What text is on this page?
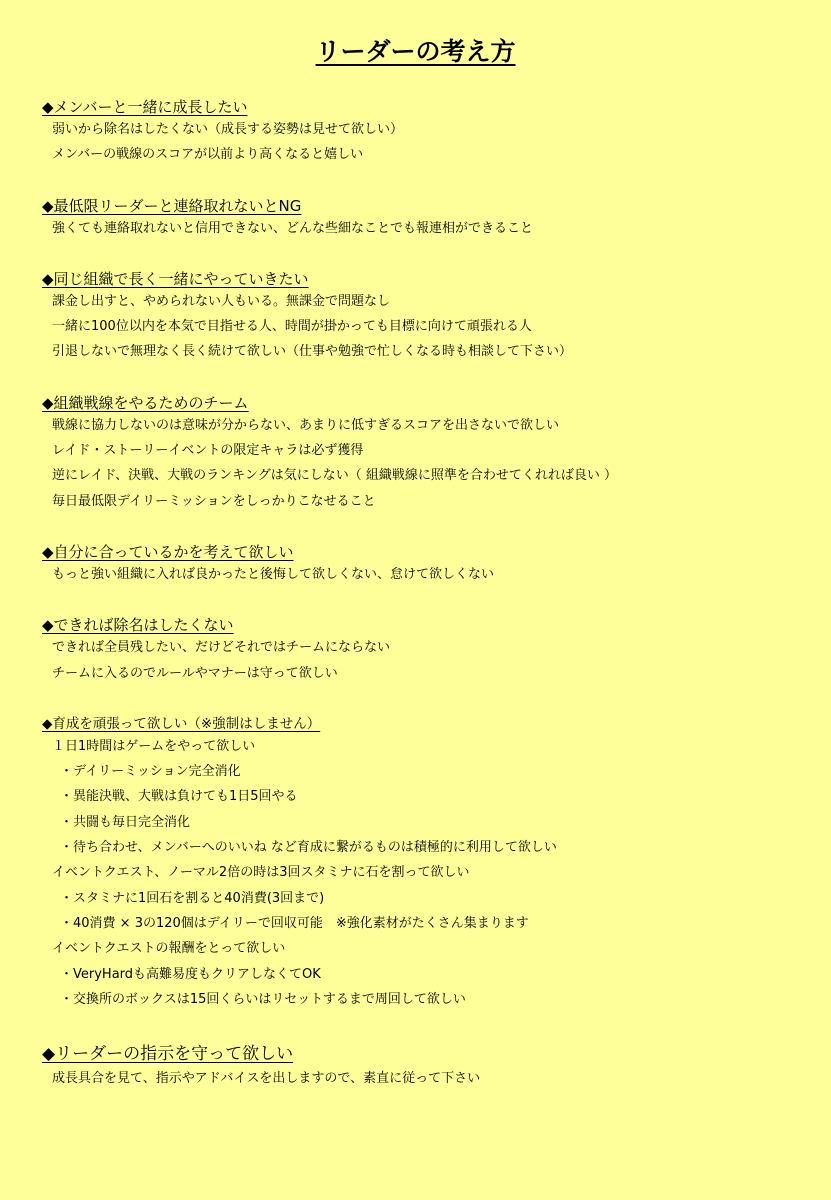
リーダーの考え方

◆メンバーと一緒に成長したい

弱いから除名はしたくない（成長する姿勢は見せて欲しい）

メンバーの戦線のスコアが以前より高くなると嬉しい

◆最低限リーダーと連絡取れないとNG

強くても連絡取れないと信用できない、どんな些細なことでも報連相ができること

◆同じ組織で長く一緒にやっていきたい

課金し出すと、やめられない人もいる。無課金で問題なし

一緒に100位以内を本気で目指せる人、時間が掛かっても目標に向けて頑張れる人

引退しないで無理なく長く続けて欲しい（仕事や勉強で忙しくなる時も相談して下さい）

◆組織戦線をやるためのチーム

戦線に協力しないのは意味が分からない、あまりに低すぎるスコアを出さないで欲しい

レイド・ストーリーイベントの限定キャラは必ず獲得

逆にレイド、決戦、大戦のランキングは気にしない（ 組織戦線に照準を合わせてくれれば良い ）

毎日最低限デイリーミッションをしっかりこなせること

◆自分に合っているかを考えて欲しい

もっと強い組織に入れば良かったと後悔して欲しくない、怠けて欲しくない

◆できれば除名はしたくない

できれば全員残したい、だけどそれではチームにならない

チームに入るのでルールやマナーは守って欲しい

◆育成を頑張って欲しい（※強制はしません）

１日1時間はゲームをやって欲しい

・デイリーミッション完全消化

・異能決戦、大戦は負けても1日5回やる

・共闘も毎日完全消化

・待ち合わせ、メンバーへのいいね など育成に繋がるものは積極的に利用して欲しい

イベントクエスト、ノーマル2倍の時は3回スタミナに石を割って欲しい

・スタミナに1回石を割ると40消費(3回まで)

・40消費 × 3の120個はデイリーで回収可能　※強化素材がたくさん集まります

イベントクエストの報酬をとって欲しい

・VeryHardも高難易度もクリアしなくてOK

・交換所のボックスは15回くらいはリセットするまで周回して欲しい

◆リーダーの指示を守って欲しい

成長具合を見て、指示やアドバイスを出しますので、素直に従って下さい
